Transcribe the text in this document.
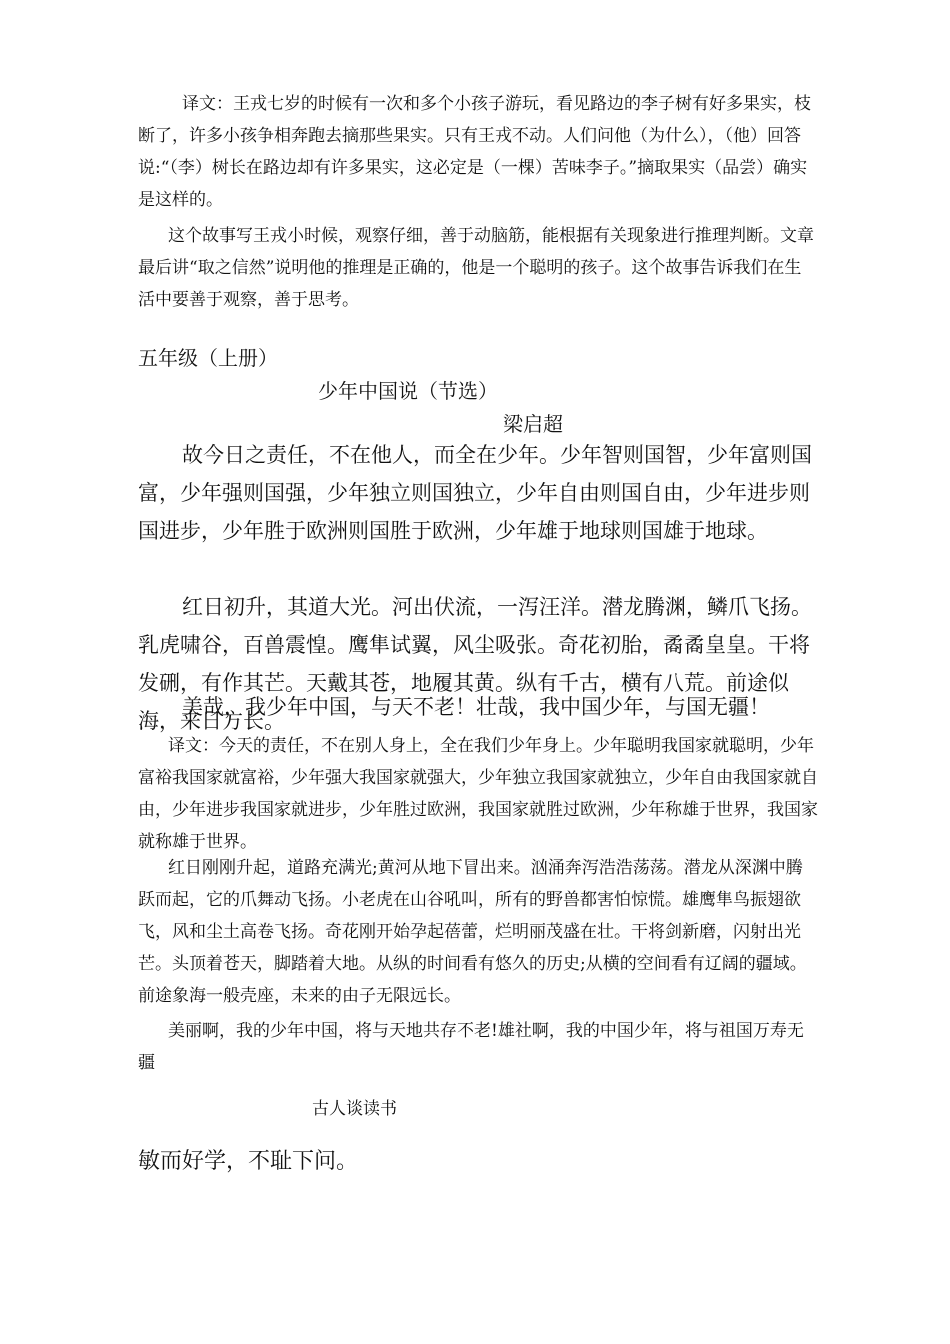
译文：王戎七岁的时候有一次和多个小孩子游玩，看见路边的李子树有好多果实，枝断了，许多小孩争相奔跑去摘那些果实。只有王戎不动。人们问他（为什么），（他）回答说:“（李）树长在路边却有许多果实，这必定是（一棵）苦味李子。”摘取果实（品尝）确实是这样的。

这个故事写王戎小时候，观察仔细，善于动脑筋，能根据有关现象进行推理判断。文章最后讲“取之信然”说明他的推理是正确的，他是一个聪明的孩子。这个故事告诉我们在生活中要善于观察，善于思考。

五年级（上册）

少年中国说（节选）

梁启超

故今日之责任，不在他人，而全在少年。少年智则国智，少年富则国富，少年强则国强，少年独立则国独立，少年自由则国自由，少年进步则国进步，少年胜于欧洲则国胜于欧洲，少年雄于地球则国雄于地球。

红日初升，其道大光。河出伏流，一泻汪洋。潜龙腾渊，鳞爪飞扬。乳虎啸谷，百兽震惶。鹰隼试翼，风尘吸张。奇花初胎，矞矞皇皇。干将发硎，有作其芒。天戴其苍，地履其黄。纵有千古，横有八荒。前途似海，来日方长。

美哉，我少年中国，与天不老！壮哉，我中国少年，与国无疆！

译文：今天的责任，不在别人身上，全在我们少年身上。少年聪明我国家就聪明，少年富裕我国家就富裕，少年强大我国家就强大，少年独立我国家就独立，少年自由我国家就自由，少年进步我国家就进步，少年胜过欧洲，我国家就胜过欧洲，少年称雄于世界，我国家就称雄于世界。

红日刚刚升起，道路充满光;黄河从地下冒出来。汹涌奔泻浩浩荡荡。潜龙从深渊中腾跃而起，它的爪舞动飞扬。小老虎在山谷吼叫，所有的野兽都害怕惊慌。雄鹰隼鸟振翅欲飞，风和尘土高卷飞扬。奇花刚开始孕起蓓蕾，烂明丽茂盛在壮。干将剑新磨，闪射出光芒。头顶着苍天，脚踏着大地。从纵的时间看有悠久的历史;从横的空间看有辽阔的疆域。前途象海一般壳座，未来的由子无限远长。

美丽啊，我的少年中国，将与天地共存不老!雄社啊，我的中国少年，将与祖国万寿无疆

古人谈读书

敏而好学，不耻下问。
